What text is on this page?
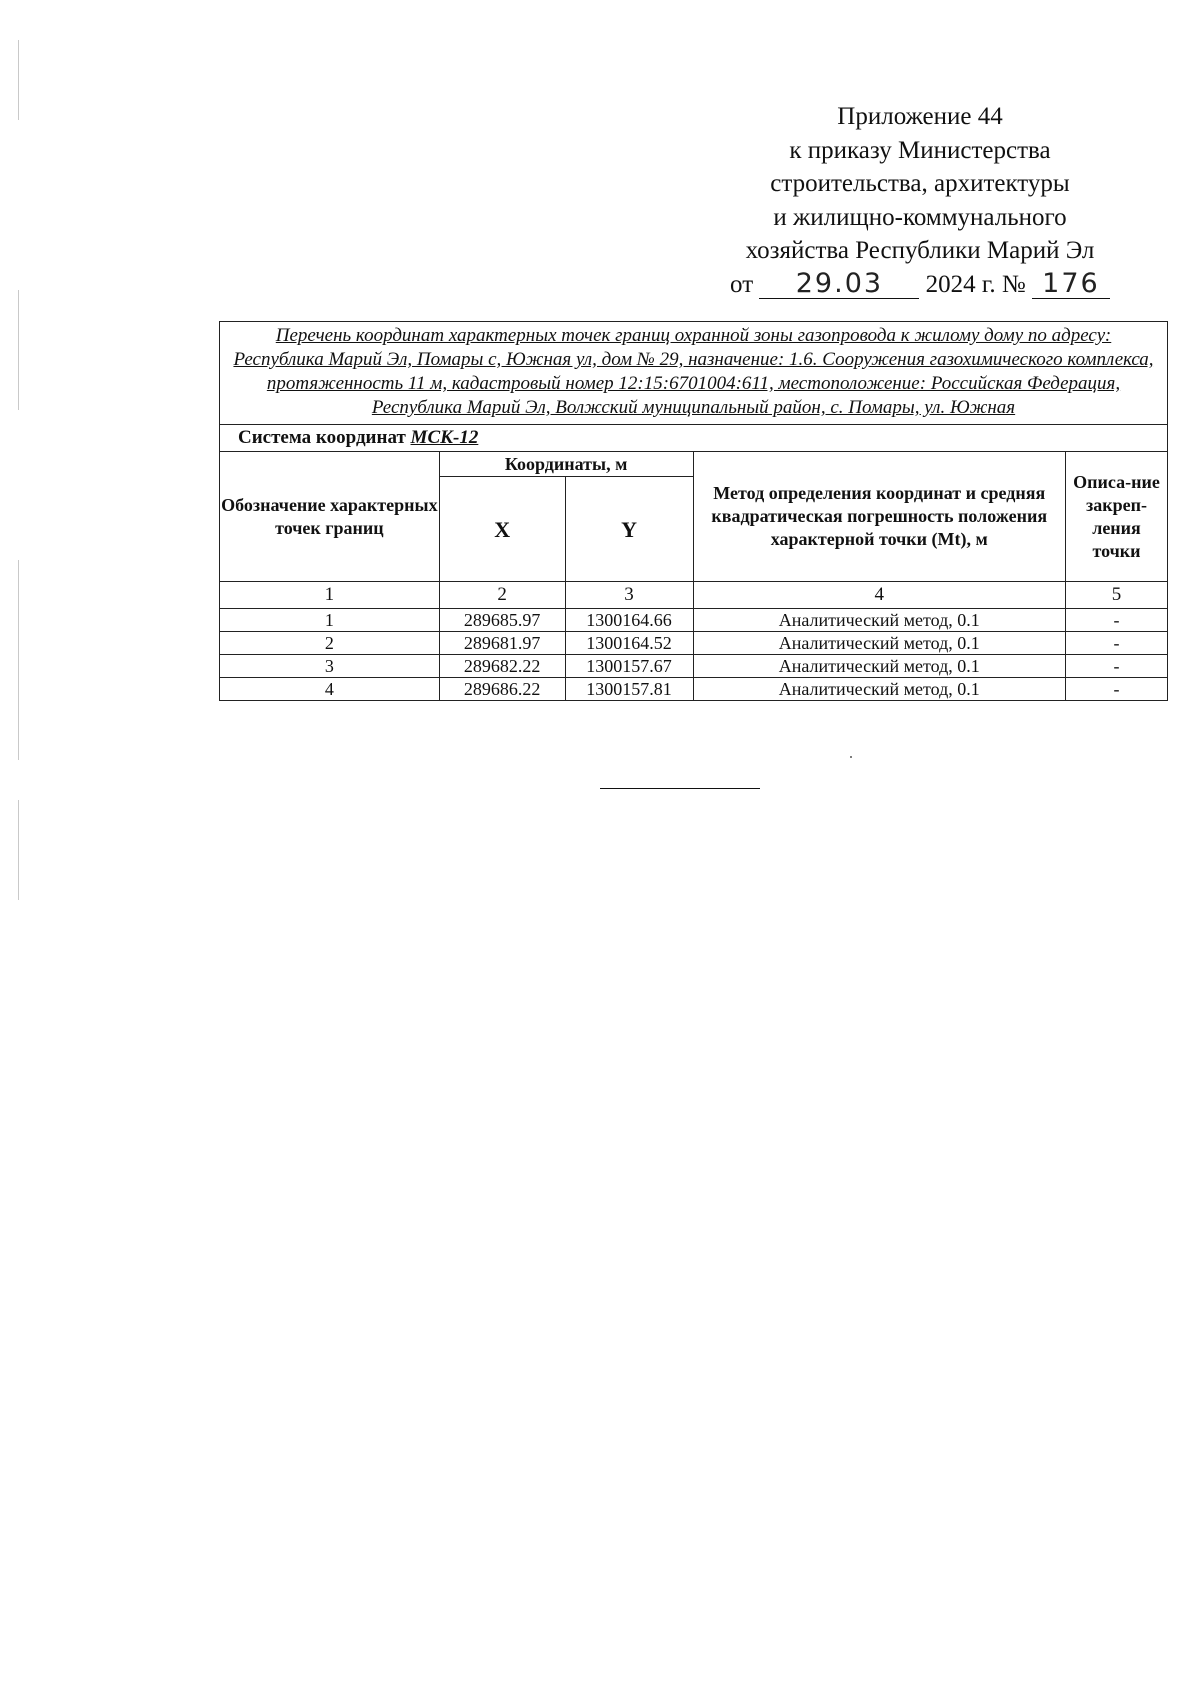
Приложение 44
к приказу Министерства
строительства, архитектуры
и жилищно-коммунального
хозяйства Республики Марий Эл
от 29.03 2024 г. № 176
Перечень координат характерных точек границ охранной зоны газопровода к жилому дому по адресу: Республика Марий Эл, Помары с, Южная ул, дом № 29, назначение: 1.6. Сооружения газохимического комплекса, протяженность 11 м, кадастровый номер 12:15:6701004:611, местоположение: Российская Федерация, Республика Марий Эл, Волжский муниципальный район, с. Помары, ул. Южная				
Система координат МСК-12				
Обозначение характерных точек границ	Координаты, м		Метод определения координат и средняя квадратическая погрешность положения характерной точки (Mt), м	Описа-ние закреп-ления точки
	X	Y		
1	2	3	4	5
1	289685.97	1300164.66	Аналитический метод, 0.1	-
2	289681.97	1300164.52	Аналитический метод, 0.1	-
3	289682.22	1300157.67	Аналитический метод, 0.1	-
4	289686.22	1300157.81	Аналитический метод, 0.1	-
